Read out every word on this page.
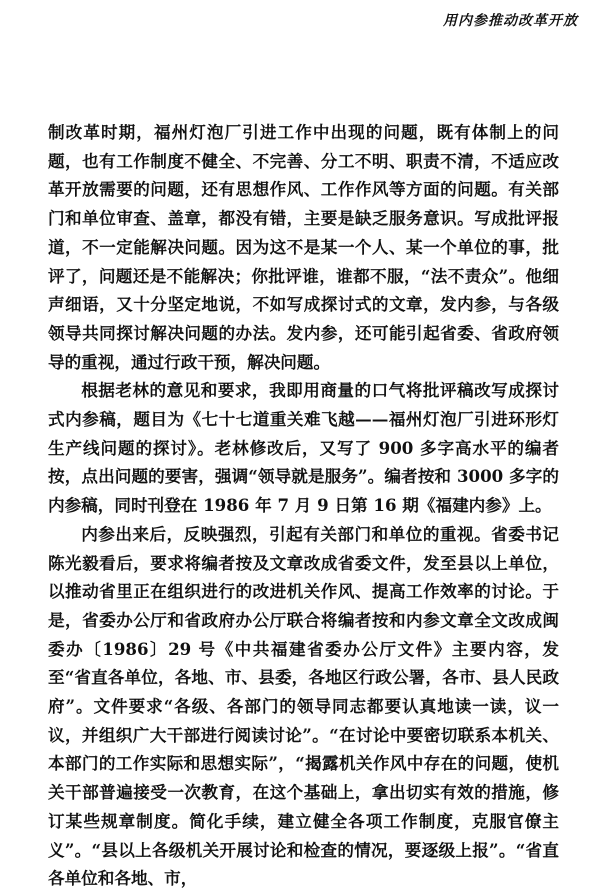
用内参推动改革开放

制改革时期，福州灯泡厂引进工作中出现的问题，既有体制上的问题，也有工作制度不健全、不完善、分工不明、职责不清，不适应改革开放需要的问题，还有思想作风、工作作风等方面的问题。有关部门和单位审查、盖章，都没有错，主要是缺乏服务意识。写成批评报道，不一定能解决问题。因为这不是某一个人、某一个单位的事，批评了，问题还是不能解决；你批评谁，谁都不服，“法不责众”。他细声细语，又十分坚定地说，不如写成探讨式的文章，发内参，与各级领导共同探讨解决问题的办法。发内参，还可能引起省委、省政府领导的重视，通过行政干预，解决问题。

根据老林的意见和要求，我即用商量的口气将批评稿改写成探讨式内参稿，题目为《七十七道重关难飞越——福州灯泡厂引进环形灯生产线问题的探讨》。老林修改后，又写了 900 多字高水平的编者按，点出问题的要害，强调“领导就是服务”。编者按和 3000 多字的内参稿，同时刊登在 1986 年 7 月 9 日第 16 期《福建内参》上。

内参出来后，反映强烈，引起有关部门和单位的重视。省委书记陈光毅看后，要求将编者按及文章改成省委文件，发至县以上单位，以推动省里正在组织进行的改进机关作风、提高工作效率的讨论。于是，省委办公厅和省政府办公厅联合将编者按和内参文章全文改成闽委办〔1986〕29 号《中共福建省委办公厅文件》主要内容，发至“省直各单位，各地、市、县委，各地区行政公署，各市、县人民政府”。文件要求“各级、各部门的领导同志都要认真地读一读，议一议，并组织广大干部进行阅读讨论”。“在讨论中要密切联系本机关、本部门的工作实际和思想实际”，“揭露机关作风中存在的问题，使机关干部普遍接受一次教育，在这个基础上，拿出切实有效的措施，修订某些规章制度。简化手续，建立健全各项工作制度，克服官僚主义”。“县以上各级机关开展讨论和检查的情况，要逐级上报”。“省直各单位和各地、市，
